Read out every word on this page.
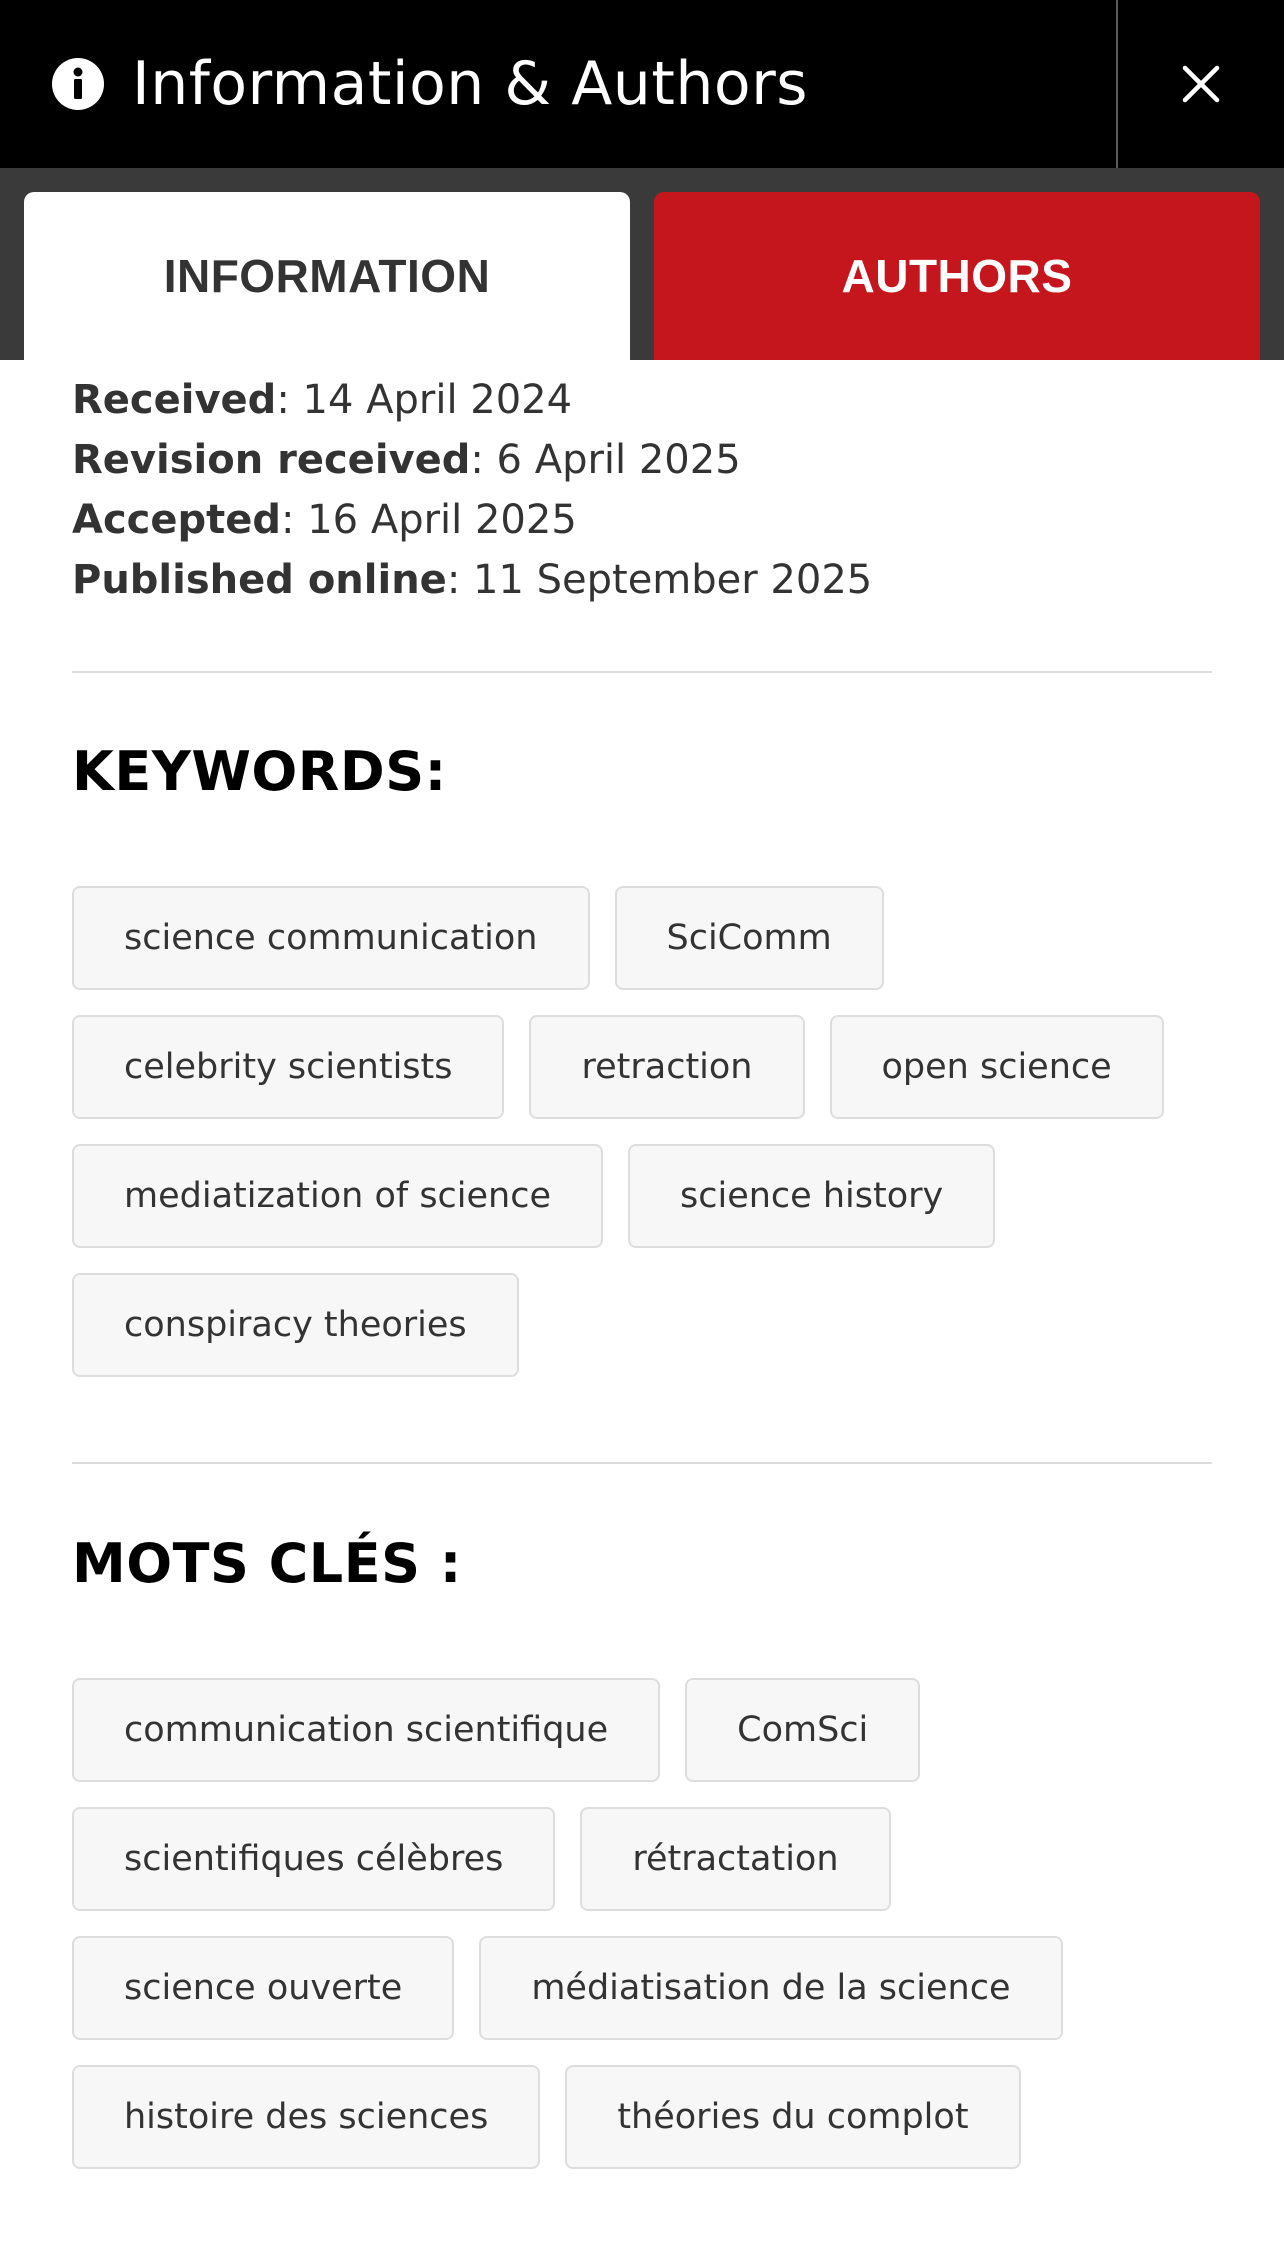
Information & Authors
INFORMATION	AUTHORS
Received: 14 April 2024
Revision received: 6 April 2025
Accepted: 16 April 2025
Published online: 11 September 2025
KEYWORDS:
science communication	SciComm
celebrity scientists	retraction	open science
mediatization of science	science history
conspiracy theories
MOTS CLÉS :
communication scientifique	ComSci
scientifiques célèbres	rétractation
science ouverte	médiatisation de la science
histoire des sciences	théories du complot
